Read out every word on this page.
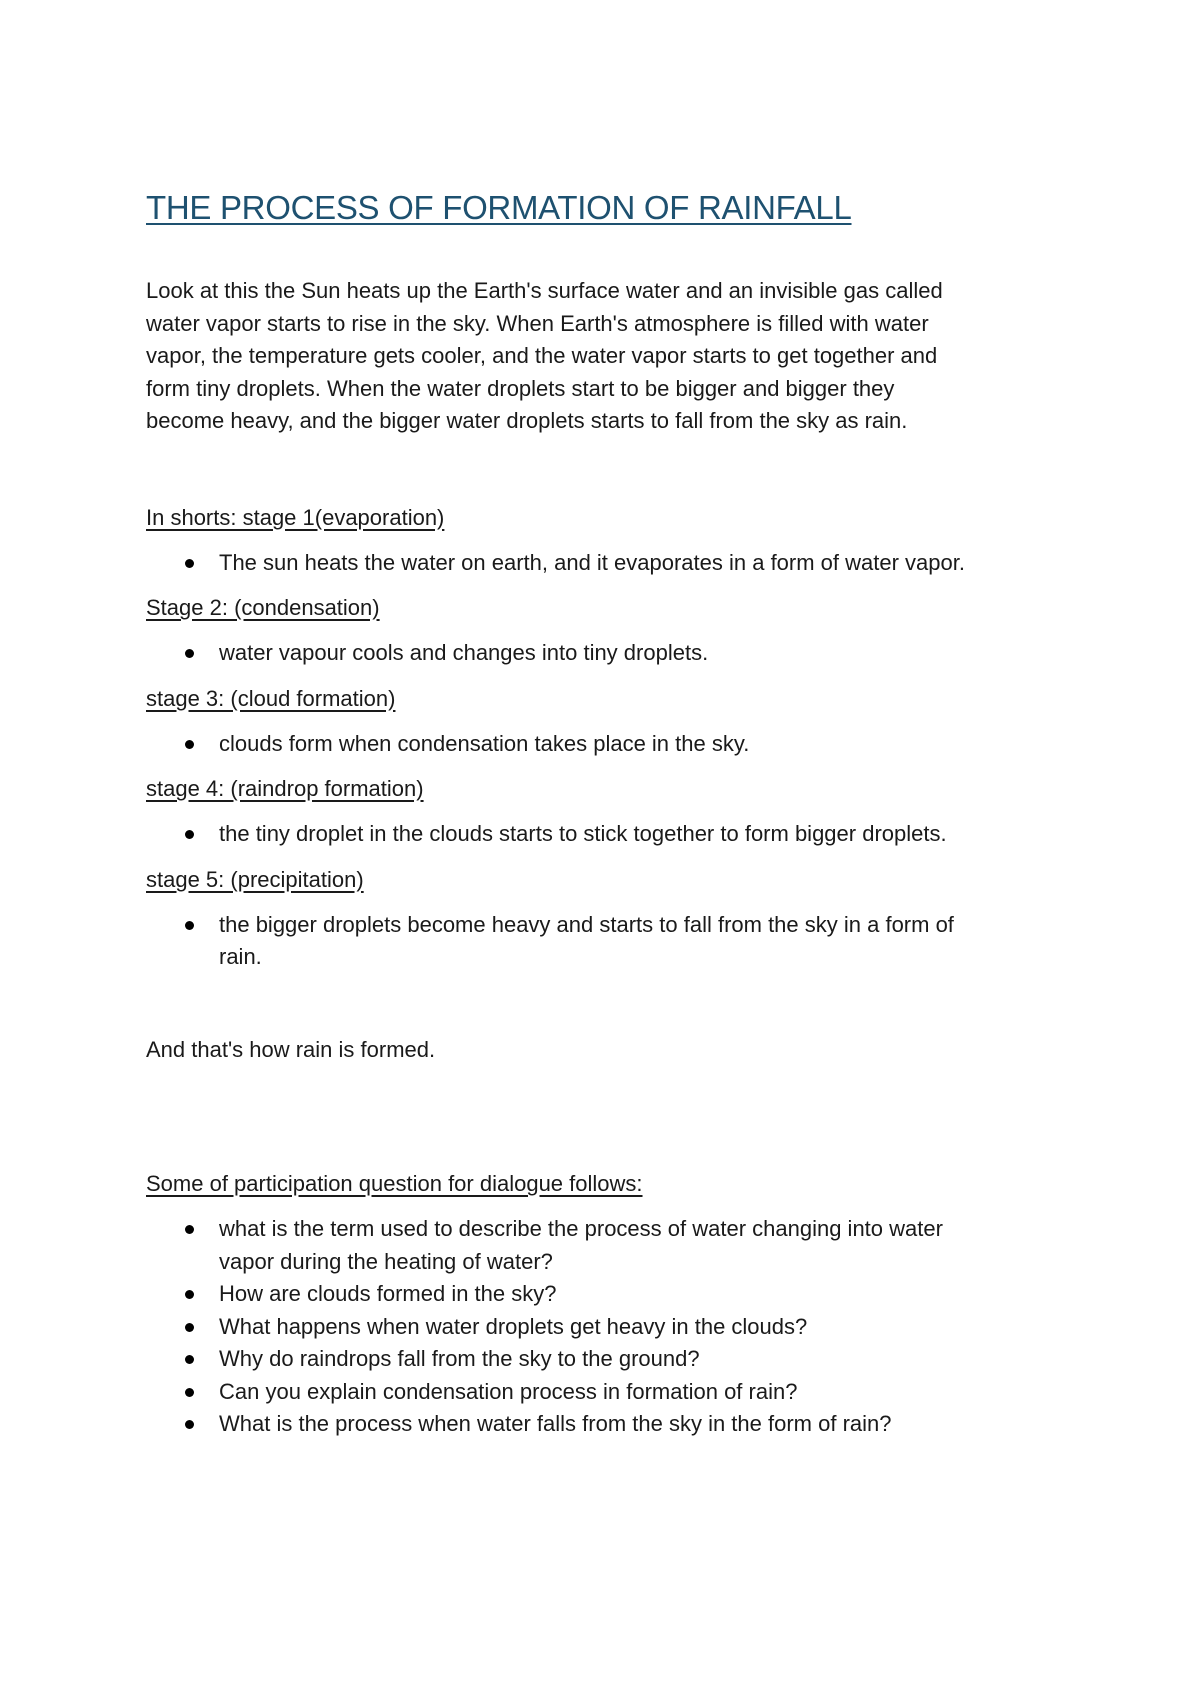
THE PROCESS OF FORMATION OF RAINFALL

Look at this the Sun heats up the Earth's surface water and an invisible gas called
water vapor starts to rise in the sky. When Earth's atmosphere is filled with water
vapor, the temperature gets cooler, and the water vapor starts to get together and
form tiny droplets. When the water droplets start to be bigger and bigger they
become heavy, and the bigger water droplets starts to fall from the sky as rain.

In shorts: stage 1(evaporation)
The sun heats the water on earth, and it evaporates in a form of water vapor.
Stage 2: (condensation)
water vapour cools and changes into tiny droplets.
stage 3: (cloud formation)
clouds form when condensation takes place in the sky.
stage 4: (raindrop formation)
the tiny droplet in the clouds starts to stick together to form bigger droplets.
stage 5: (precipitation)
the bigger droplets become heavy and starts to fall from the sky in a form of
rain.

And that's how rain is formed.

Some of participation question for dialogue follows:
what is the term used to describe the process of water changing into water
vapor during the heating of water?
How are clouds formed in the sky?
What happens when water droplets get heavy in the clouds?
Why do raindrops fall from the sky to the ground?
Can you explain condensation process in formation of rain?
What is the process when water falls from the sky in the form of rain?
